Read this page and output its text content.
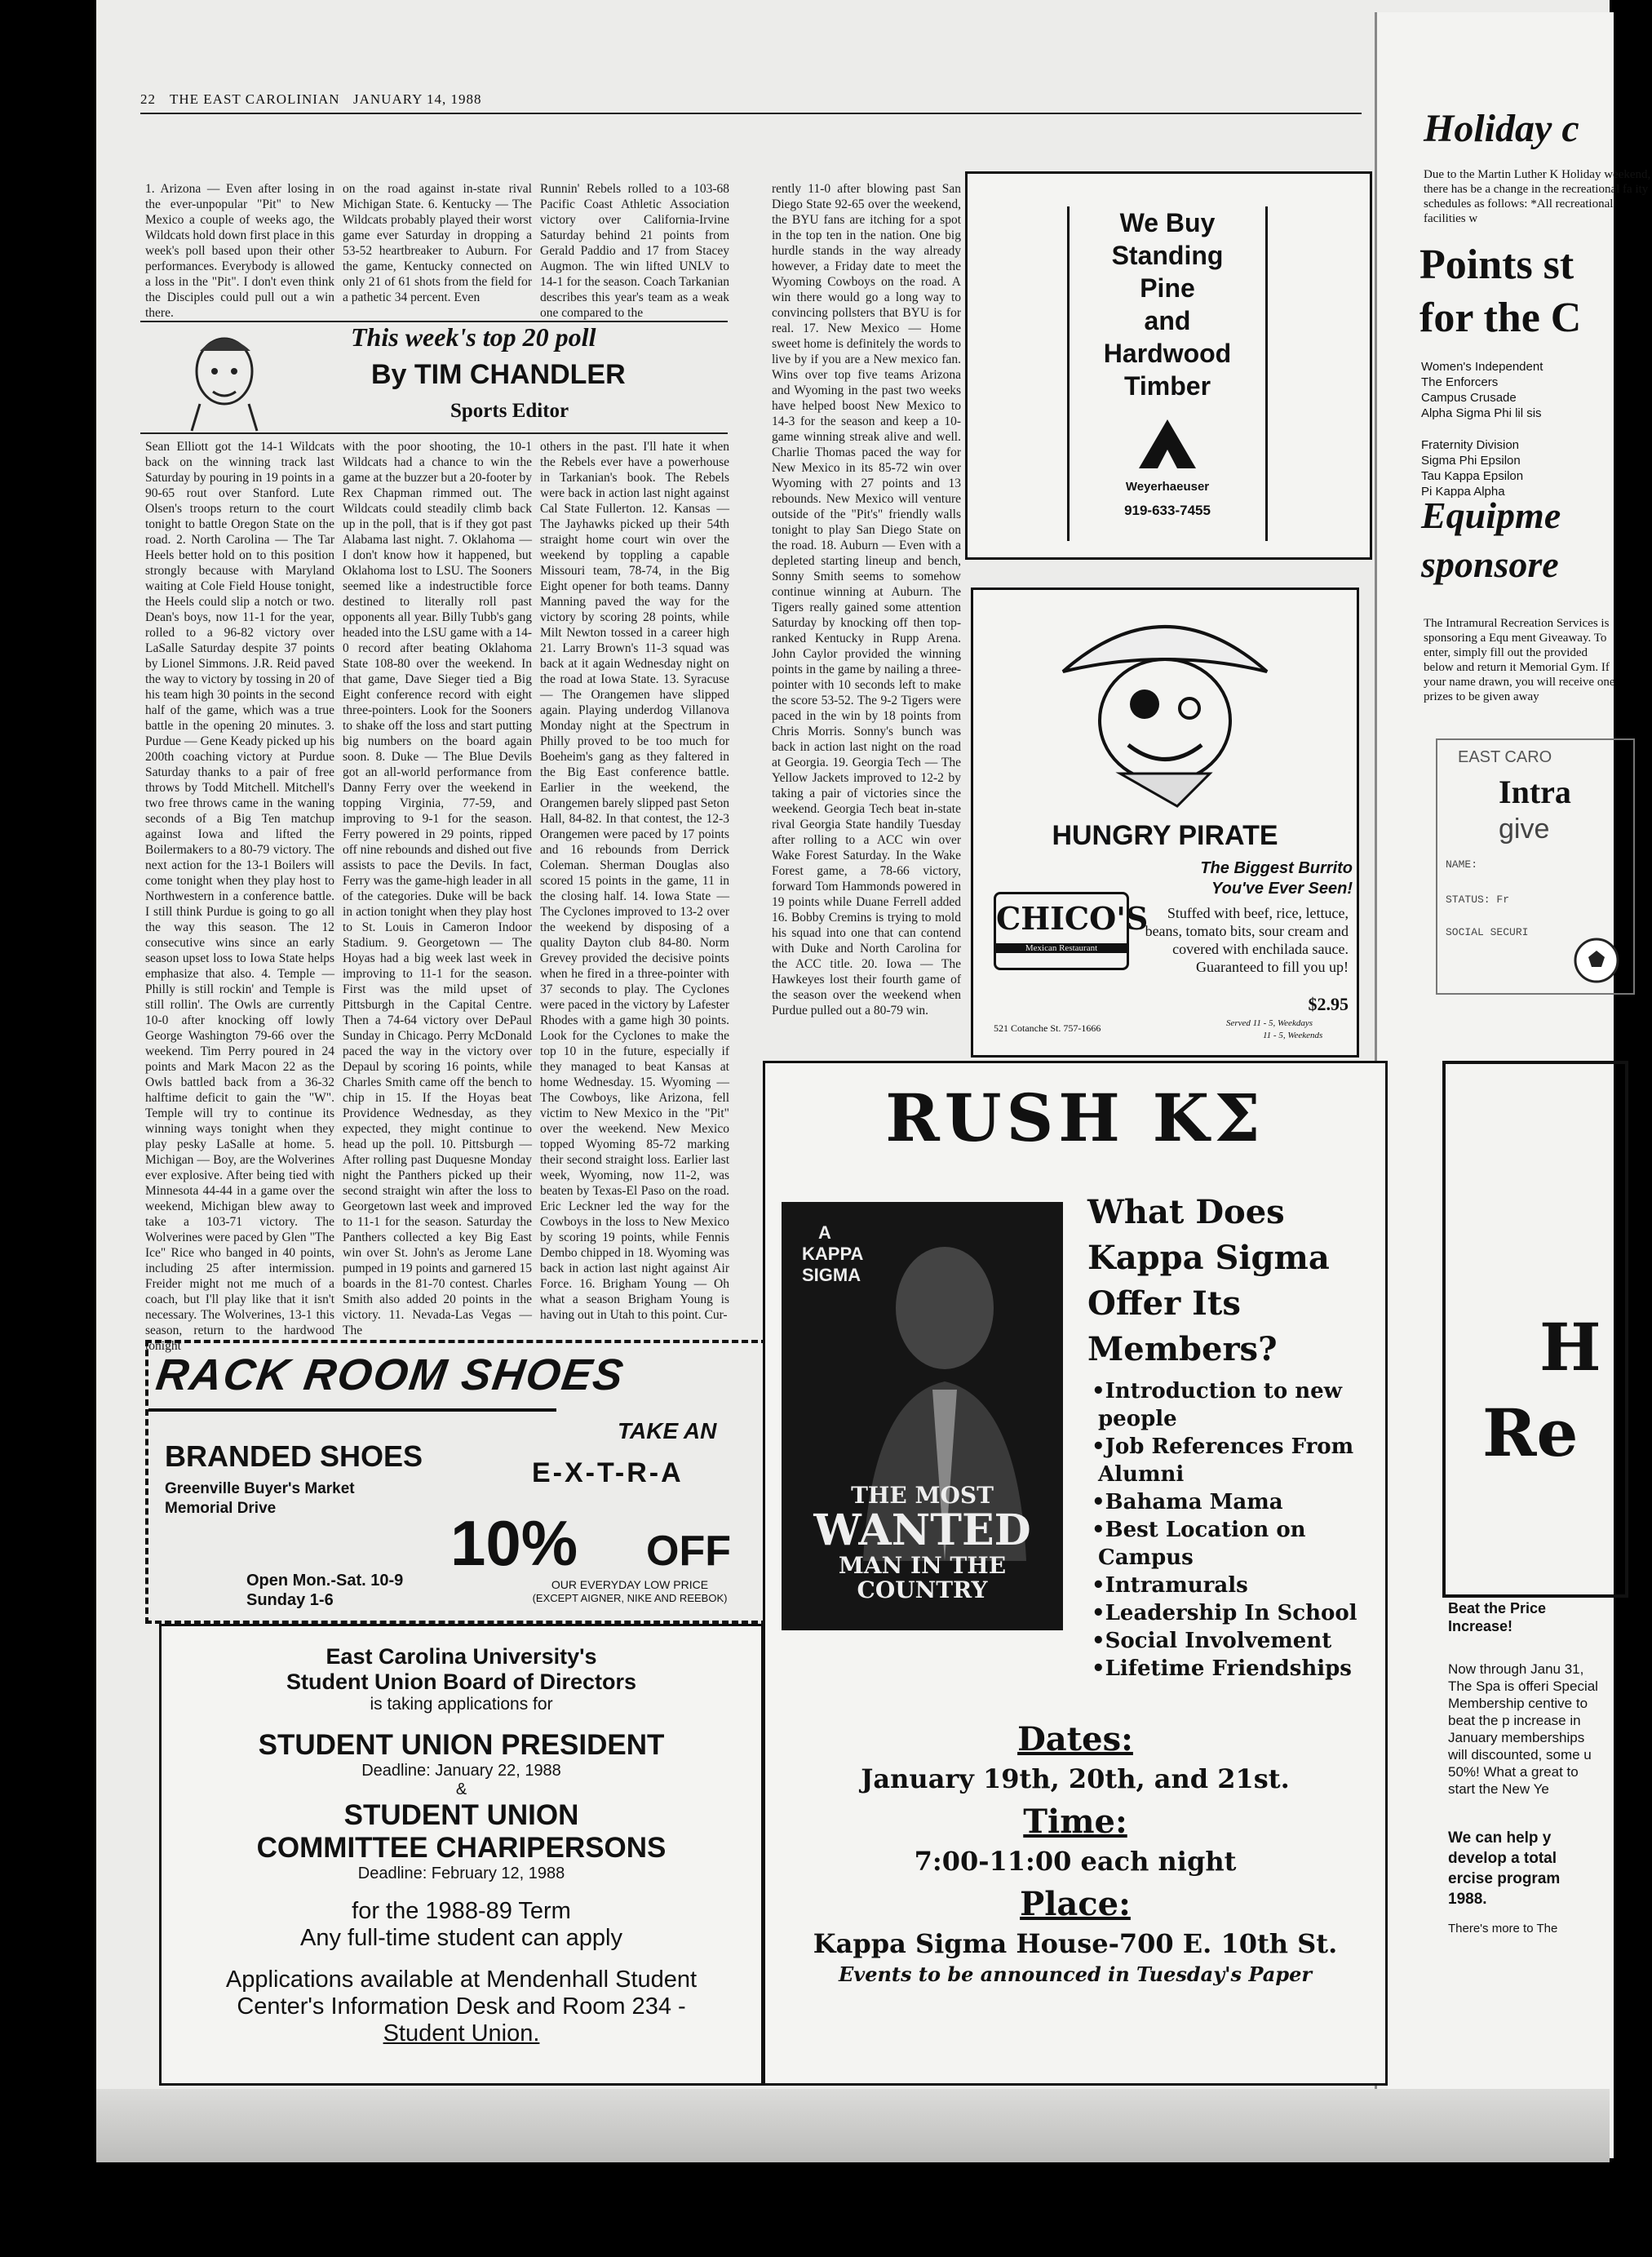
22 THE EAST CAROLINIAN JANUARY 14, 1988
1. Arizona — Even after losing in the ever-unpopular "Pit" to New Mexico a couple of weeks ago, the Wildcats hold down first place in this week's poll based upon their other performances. Everybody is allowed a loss in the "Pit". I don't even think the Disciples could pull out a win there.
on the road against in-state rival Michigan State. 6. Kentucky — The Wildcats probably played their worst game ever Saturday in dropping a 53-52 heartbreaker to Auburn. For the game, Kentucky connected on only 21 of 61 shots from the field for a pathetic 34 percent. Even
Runnin' Rebels rolled to a 103-68 Pacific Coast Athletic Association victory over California-Irvine Saturday behind 21 points from Gerald Paddio and 17 from Stacey Augmon. The win lifted UNLV to 14-1 for the season. Coach Tarkanian describes this year's team as a weak one compared to the
This week's top 20 poll
By TIM CHANDLER
Sports Editor
Sean Elliott got the 14-1 Wildcats back on the winning track last Saturday by pouring in 19 points in a 90-65 rout over Stanford. Lute Olsen's troops return to the court tonight to battle Oregon State on the road. 2. North Carolina — The Tar Heels better hold on to this position strongly because with Maryland waiting at Cole Field House tonight, the Heels could slip a notch or two. Dean's boys, now 11-1 for the year, rolled to a 96-82 victory over LaSalle Saturday despite 37 points by Lionel Simmons. J.R. Reid paved the way to victory by tossing in 20 of his team high 30 points in the second half of the game, which was a true battle in the opening 20 minutes. 3. Purdue — Gene Keady picked up his 200th coaching victory at Purdue Saturday thanks to a pair of free throws by Todd Mitchell. Mitchell's two free throws came in the waning seconds of a Big Ten matchup against Iowa and lifted the Boilermakers to a 80-79 victory. The next action for the 13-1 Boilers will come tonight when they play host to Northwestern in a conference battle. I still think Purdue is going to go all the way this season. The 12 consecutive wins since an early season upset loss to Iowa State helps emphasize that also. 4. Temple — Philly is still rockin' and Temple is still rollin'. The Owls are currently 10-0 after knocking off lowly George Washington 79-66 over the weekend. Tim Perry poured in 24 points and Mark Macon 22 as the Owls battled back from a 36-32 halftime deficit to gain the "W". Temple will try to continue its winning ways tonight when they play pesky LaSalle at home. 5. Michigan — Boy, are the Wolverines ever explosive. After being tied with Minnesota 44-44 in a game over the weekend, Michigan blew away to take a 103-71 victory. The Wolverines were paced by Glen "The Ice" Rice who banged in 40 points, including 25 after intermission. Freider might not me much of a coach, but I'll play like that it isn't necessary. The Wolverines, 13-1 this season, return to the hardwood tonight
with the poor shooting, the 10-1 Wildcats had a chance to win the game at the buzzer but a 20-footer by Rex Chapman rimmed out. The Wildcats could steadily climb back up in the poll, that is if they got past Alabama last night. 7. Oklahoma — I don't know how it happened, but Oklahoma lost to LSU. The Sooners seemed like a indestructible force destined to literally roll past opponents all year. Billy Tubb's gang headed into the LSU game with a 14-0 record after beating Oklahoma State 108-80 over the weekend. In that game, Dave Sieger tied a Big Eight conference record with eight three-pointers. Look for the Sooners to shake off the loss and start putting big numbers on the board again soon. 8. Duke — The Blue Devils got an all-world performance from Danny Ferry over the weekend in topping Virginia, 77-59, and improving to 9-1 for the season. Ferry powered in 29 points, ripped off nine rebounds and dished out five assists to pace the Devils. In fact, Ferry was the game-high leader in all of the categories. Duke will be back in action tonight when they play host to St. Louis in Cameron Indoor Stadium. 9. Georgetown — The Hoyas had a big week last week in improving to 11-1 for the season. First was the mild upset of Pittsburgh in the Capital Centre. Then a 74-64 victory over DePaul Sunday in Chicago. Perry McDonald paced the way in the victory over Depaul by scoring 16 points, while Charles Smith came off the bench to chip in 15. If the Hoyas beat Providence Wednesday, as they expected, they might continue to head up the poll. 10. Pittsburgh — After rolling past Duquesne Monday night the Panthers picked up their second straight win after the loss to Georgetown last week and improved to 11-1 for the season. Saturday the Panthers collected a key Big East win over St. John's as Jerome Lane pumped in 19 points and garnered 15 boards in the 81-70 contest. Charles Smith also added 20 points in the victory. 11. Nevada-Las Vegas — The
others in the past. I'll hate it when the Rebels ever have a powerhouse in Tarkanian's book. The Rebels were back in action last night against Cal State Fullerton. 12. Kansas — The Jayhawks picked up their 54th straight home court win over the weekend by toppling a capable Missouri team, 78-74, in the Big Eight opener for both teams. Danny Manning paved the way for the victory by scoring 28 points, while Milt Newton tossed in a career high 21. Larry Brown's 11-3 squad was back at it again Wednesday night on the road at Iowa State. 13. Syracuse — The Orangemen have slipped again. Playing underdog Villanova Monday night at the Spectrum in Philly proved to be too much for Boeheim's gang as they faltered in the Big East conference battle. Earlier in the weekend, the Orangemen barely slipped past Seton Hall, 84-82. In that contest, the 12-3 Orangemen were paced by 17 points and 16 rebounds from Derrick Coleman. Sherman Douglas also scored 15 points in the game, 11 in the closing half. 14. Iowa State — The Cyclones improved to 13-2 over the weekend by disposing of a quality Dayton club 84-80. Norm Grevey provided the decisive points when he fired in a three-pointer with 37 seconds to play. The Cyclones were paced in the victory by Lafester Rhodes with a game high 30 points. Look for the Cyclones to make the top 10 in the future, especially if they managed to beat Kansas at home Wednesday. 15. Wyoming — The Cowboys, like Arizona, fell victim to New Mexico in the "Pit" over the weekend. New Mexico topped Wyoming 85-72 marking their second straight loss. Earlier last week, Wyoming, now 11-2, was beaten by Texas-El Paso on the road. Eric Leckner led the way for the Cowboys in the loss to New Mexico by scoring 19 points, while Fennis Dembo chipped in 18. Wyoming was back in action last night against Air Force. 16. Brigham Young — Oh what a season Brigham Young is having out in Utah to this point. Cur-
rently 11-0 after blowing past San Diego State 92-65 over the weekend, the BYU fans are itching for a spot in the top ten in the nation. One big hurdle stands in the way already however, a Friday date to meet the Wyoming Cowboys on the road. A win there would go a long way to convincing pollsters that BYU is for real. 17. New Mexico — Home sweet home is definitely the words to live by if you are a New mexico fan. Wins over top five teams Arizona and Wyoming in the past two weeks have helped boost New Mexico to 14-3 for the season and keep a 10-game winning streak alive and well. Charlie Thomas paced the way for New Mexico in its 85-72 win over Wyoming with 27 points and 13 rebounds. New Mexico will venture outside of the "Pit's" friendly walls tonight to play San Diego State on the road. 18. Auburn — Even with a depleted starting lineup and bench, Sonny Smith seems to somehow continue winning at Auburn. The Tigers really gained some attention Saturday by knocking off then top-ranked Kentucky in Rupp Arena. John Caylor provided the winning points in the game by nailing a three-pointer with 10 seconds left to make the score 53-52. The 9-2 Tigers were paced in the win by 18 points from Chris Morris. Sonny's bunch was back in action last night on the road at Georgia. 19. Georgia Tech — The Yellow Jackets improved to 12-2 by taking a pair of victories since the weekend. Georgia Tech beat in-state rival Georgia State handily Tuesday after rolling to a ACC win over Wake Forest Saturday. In the Wake Forest game, a 78-66 victory, forward Tom Hammonds powered in 19 points while Duane Ferrell added 16. Bobby Cremins is trying to mold his squad into one that can contend with Duke and North Carolina for the ACC title. 20. Iowa — The Hawkeyes lost their fourth game of the season over the weekend when Purdue pulled out a 80-79 win.
We Buy
Standing
Pine
and
Hardwood
Timber
Weyerhaeuser
919-633-7455
HUNGRY PIRATE
The Biggest Burrito
You've Ever Seen!
Stuffed with beef, rice, lettuce, beans, tomato bits, sour cream and covered with enchilada sauce. Guaranteed to fill you up!
$2.95
CHICO'S
Mexican Restaurant
521 Cotanche St. 757-1666	Served 11 - 5, Weekdays
11 - 5, Weekends
RACK ROOM SHOES
BRANDED SHOES
Greenville Buyer's Market
Memorial Drive
TAKE AN
E-X-T-R-A
10% OFF
Open Mon.-Sat. 10-9
Sunday 1-6
OUR EVERYDAY LOW PRICE
(EXCEPT AIGNER, NIKE AND REEBOK)
East Carolina University's
Student Union Board of Directors
is taking applications for
STUDENT UNION PRESIDENT
Deadline: January 22, 1988
&
STUDENT UNION
COMMITTEE CHARIPERSONS
Deadline: February 12, 1988
for the 1988-89 Term
Any full-time student can apply
Applications available at Mendenhall Student
Center's Information Desk and Room 234 -
Student Union.
RUSH KΣ
A
KAPPA
SIGMA
THE MOST
WANTED
MAN IN THE
COUNTRY
What Does
Kappa Sigma
Offer Its
Members?
•Introduction to new
people
•Job References From
Alumni
•Bahama Mama
•Best Location on
Campus
•Intramurals
•Leadership In School
•Social Involvement
•Lifetime Friendships
Dates:
January 19th, 20th, and 21st.
Time:
7:00-11:00 each night
Place:
Kappa Sigma House-700 E. 10th St.
Events to be announced in Tuesday's Paper
Holiday c
Due to the Martin Luther K Holiday weekend, there has be a change in the recreational fa ity schedules as follows: *All recreational facilities w
Points st
for the C
Women's Independent
The Enforcers
Campus Crusade
Alpha Sigma Phi lil sis
Fraternity Division
Sigma Phi Epsilon
Tau Kappa Epsilon
Pi Kappa Alpha
Equipme
sponsore
The Intramural Recreation Services is sponsoring a Equ ment Giveaway. To enter, simply fill out the provided below and return it Memorial Gym. If your name drawn, you will receive one prizes to be given away
EAST CARO
Intra
give
NAME:
STATUS: Fr
SOCIAL SECURI
H
Re
Beat the Price
Increase!
Now through Janu 31, The Spa is offeri Special Membership centive to beat the p increase in January memberships will discounted, some u 50%! What a great to start the New Ye
We can help y develop a total ercise program 1988.
There's more to The
